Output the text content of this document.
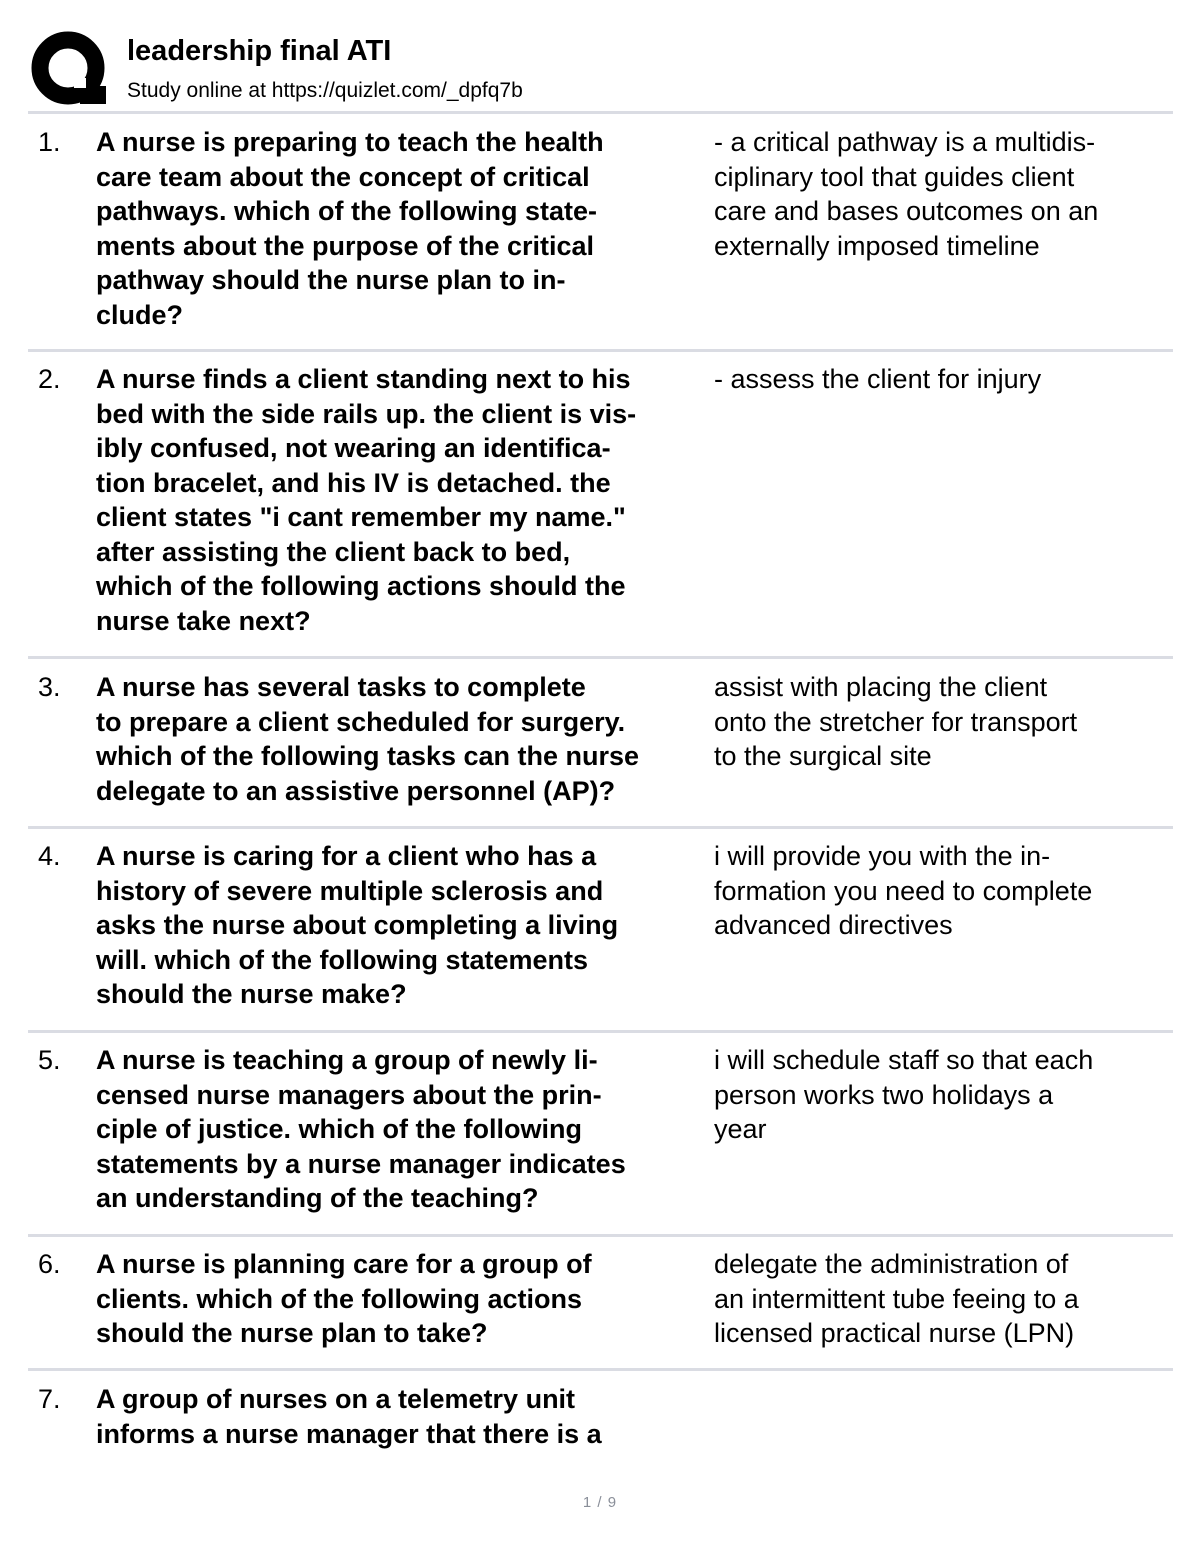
leadership final ATI
Study online at https://quizlet.com/_dpfq7b
1. A nurse is preparing to teach the health
care team about the concept of critical
pathways. which of the following state-
ments about the purpose of the critical
pathway should the nurse plan to in-
clude?
- a critical pathway is a multidis-
ciplinary tool that guides client
care and bases outcomes on an
externally imposed timeline
2. A nurse finds a client standing next to his
bed with the side rails up. the client is vis-
ibly confused, not wearing an identifica-
tion bracelet, and his IV is detached. the
client states "i cant remember my name."
after assisting the client back to bed,
which of the following actions should the
nurse take next?
- assess the client for injury
3. A nurse has several tasks to complete
to prepare a client scheduled for surgery.
which of the following tasks can the nurse
delegate to an assistive personnel (AP)?
assist with placing the client
onto the stretcher for transport
to the surgical site
4. A nurse is caring for a client who has a
history of severe multiple sclerosis and
asks the nurse about completing a living
will. which of the following statements
should the nurse make?
i will provide you with the in-
formation you need to complete
advanced directives
5. A nurse is teaching a group of newly li-
censed nurse managers about the prin-
ciple of justice. which of the following
statements by a nurse manager indicates
an understanding of the teaching?
i will schedule staff so that each
person works two holidays a
year
6. A nurse is planning care for a group of
clients. which of the following actions
should the nurse plan to take?
delegate the administration of
an intermittent tube feeing to a
licensed practical nurse (LPN)
7. A group of nurses on a telemetry unit
informs a nurse manager that there is a
1 / 9
